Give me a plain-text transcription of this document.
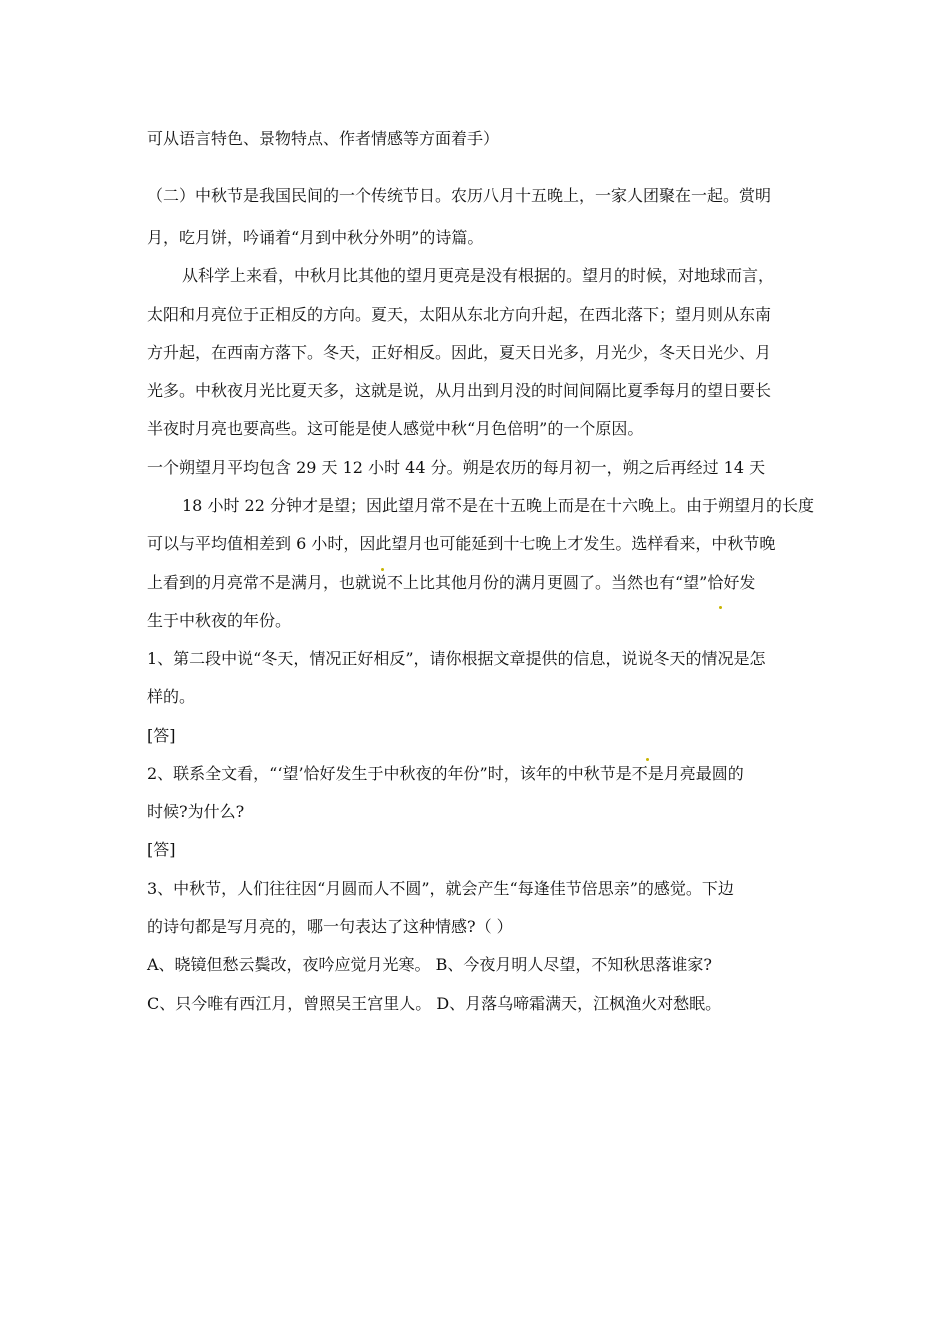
可从语言特色、景物特点、作者情感等方面着手）
（二）中秋节是我国民间的一个传统节日。农历八月十五晚上，一家人团聚在一起。赏明
月，吃月饼，吟诵着“月到中秋分外明”的诗篇。
从科学上来看，中秋月比其他的望月更亮是没有根据的。望月的时候，对地球而言，
太阳和月亮位于正相反的方向。夏天，太阳从东北方向升起，在西北落下；望月则从东南
方升起，在西南方落下。冬天，正好相反。因此，夏天日光多，月光少，冬天日光少、月
光多。中秋夜月光比夏天多，这就是说，从月出到月没的时间间隔比夏季每月的望日要长
半夜时月亮也要高些。这可能是使人感觉中秋“月色倍明”的一个原因。
一个朔望月平均包含 29 天 12 小时 44 分。朔是农历的每月初一，朔之后再经过 14 天
18 小时 22 分钟才是望；因此望月常不是在十五晚上而是在十六晚上。由于朔望月的长度
可以与平均值相差到 6 小时，因此望月也可能延到十七晚上才发生。选样看来，中秋节晚
上看到的月亮常不是满月，也就说不上比其他月份的满月更圆了。当然也有“望”恰好发
生于中秋夜的年份。
1、第二段中说“冬天，情况正好相反”，请你根据文章提供的信息，说说冬天的情况是怎
样的。
[答]
2、联系全文看，“‘望’恰好发生于中秋夜的年份”时，该年的中秋节是不是月亮最圆的
时候?为什么?
[答]
3、中秋节，人们往往因“月圆而人不圆”，就会产生“每逢佳节倍思亲”的感觉。下边
的诗句都是写月亮的，哪一句表达了这种情感?（ ）
A、晓镜但愁云鬓改，夜吟应觉月光寒。 B、今夜月明人尽望，不知秋思落谁家?
C、只今唯有西江月，曾照吴王宫里人。 D、月落乌啼霜满天，江枫渔火对愁眠。
